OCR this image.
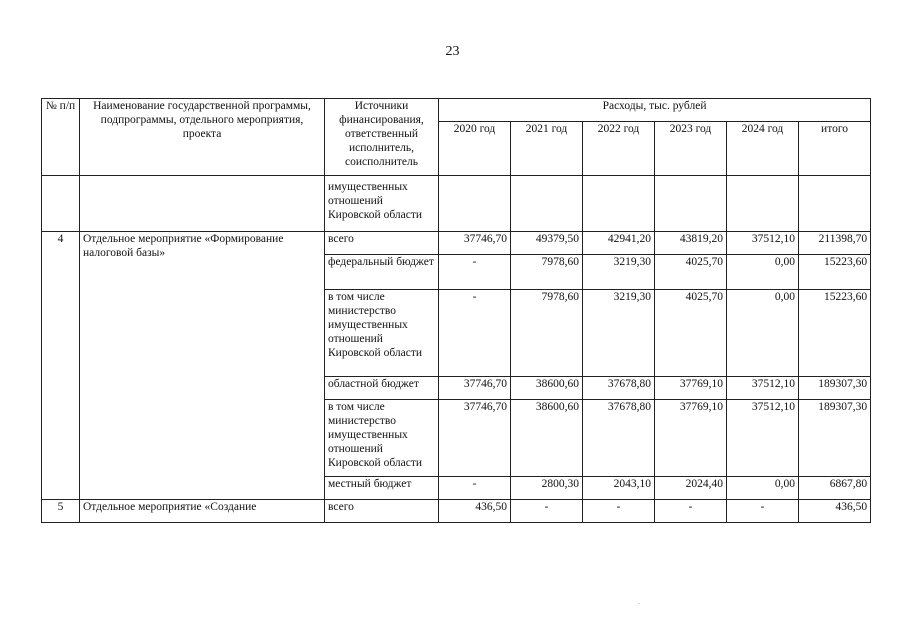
23
№ п/п	Наименование государственной программы, подпрограммы, отдельного мероприятия, проекта	Источники финансирования, ответственный исполнитель, соисполнитель	Расходы, тыс. рублей					
			2020 год	2021 год	2022 год	2023 год	2024 год	итого
		имущественных отношений Кировской области						
4	Отдельное мероприятие «Формирование налоговой базы»	всего	37746,70	49379,50	42941,20	43819,20	37512,10	211398,70
		федеральный бюджет	-	7978,60	3219,30	4025,70	0,00	15223,60
		в том числе министерство имущественных отношений Кировской области	-	7978,60	3219,30	4025,70	0,00	15223,60
		областной бюджет	37746,70	38600,60	37678,80	37769,10	37512,10	189307,30
		в том числе министерство имущественных отношений Кировской области	37746,70	38600,60	37678,80	37769,10	37512,10	189307,30
		местный бюджет	-	2800,30	2043,10	2024,40	0,00	6867,80
5	Отдельное мероприятие «Создание	всего	436,50	-	-	-	-	436,50
.
